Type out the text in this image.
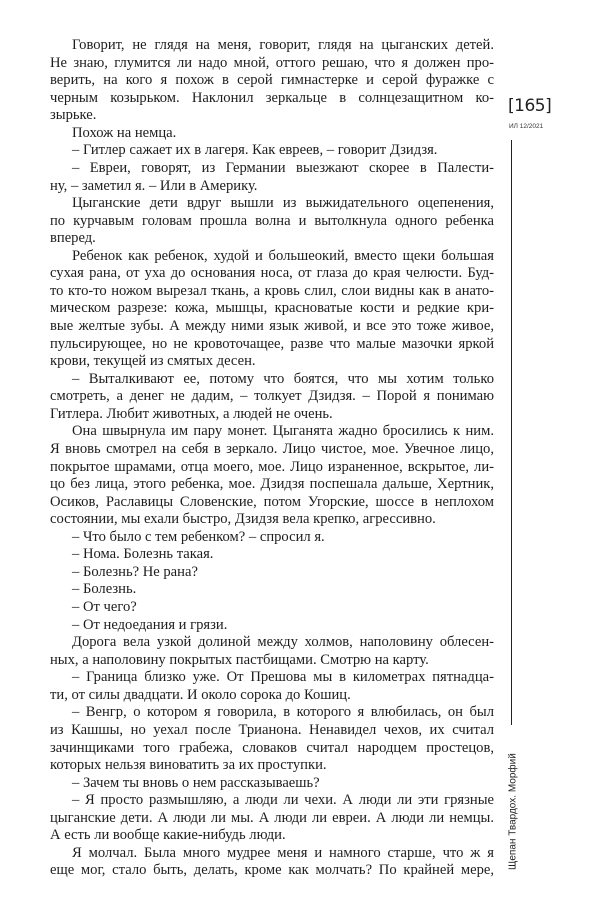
Говорит, не глядя на меня, говорит, глядя на цыганских детей.
Не знаю, глумится ли надо мной, оттого решаю, что я должен про-
верить, на кого я похож в серой гимнастерке и серой фуражке с
черным козырьком. Наклонил зеркальце в солнцезащитном ко-
зырьке.
Похож на немца.
– Гитлер сажает их в лагеря. Как евреев, – говорит Дзидзя.
– Евреи, говорят, из Германии выезжают скорее в Палести-
ну, – заметил я. – Или в Америку.
Цыганские дети вдруг вышли из выжидательного оцепенения,
по курчавым головам прошла волна и вытолкнула одного ребенка
вперед.
Ребенок как ребенок, худой и большеокий, вместо щеки большая
сухая рана, от уха до основания носа, от глаза до края челюсти. Буд-
то кто-то ножом вырезал ткань, а кровь слил, слои видны как в анато-
мическом разрезе: кожа, мышцы, красноватые кости и редкие кри-
вые желтые зубы. А между ними язык живой, и все это тоже живое,
пульсирующее, но не кровоточащее, разве что малые мазочки яркой
крови, текущей из смятых десен.
– Выталкивают ее, потому что боятся, что мы хотим только
смотреть, а денег не дадим, – толкует Дзидзя. – Порой я понимаю
Гитлера. Любит животных, а людей не очень.
Она швырнула им пару монет. Цыганята жадно бросились к ним.
Я вновь смотрел на себя в зеркало. Лицо чистое, мое. Увечное лицо,
покрытое шрамами, отца моего, мое. Лицо израненное, вскрытое, ли-
цо без лица, этого ребенка, мое. Дзидзя поспешала дальше, Хертник,
Осиков, Раславицы Словенские, потом Угорские, шоссе в неплохом
состоянии, мы ехали быстро, Дзидзя вела крепко, агрессивно.
– Что было с тем ребенком? – спросил я.
– Нома. Болезнь такая.
– Болезнь? Не рана?
– Болезнь.
– От чего?
– От недоедания и грязи.
Дорога вела узкой долиной между холмов, наполовину облесен-
ных, а наполовину покрытых пастбищами. Смотрю на карту.
– Граница близко уже. От Прешова мы в километрах пятнадца-
ти, от силы двадцати. И около сорока до Кошиц.
– Венгр, о котором я говорила, в которого я влюбилась, он был
из Кашшы, но уехал после Трианона. Ненавидел чехов, их считал
зачинщиками того грабежа, словаков считал народцем простецов,
которых нельзя виноватить за их проступки.
– Зачем ты вновь о нем рассказываешь?
– Я просто размышляю, а люди ли чехи. А люди ли эти грязные
цыганские дети. А люди ли мы. А люди ли евреи. А люди ли немцы.
А есть ли вообще какие-нибудь люди.
Я молчал. Была много мудрее меня и намного старше, что ж я
еще мог, стало быть, делать, кроме как молчать? По крайней мере,
[165]
ИЛ 12/2021
Щепан Твардох. Морфий
